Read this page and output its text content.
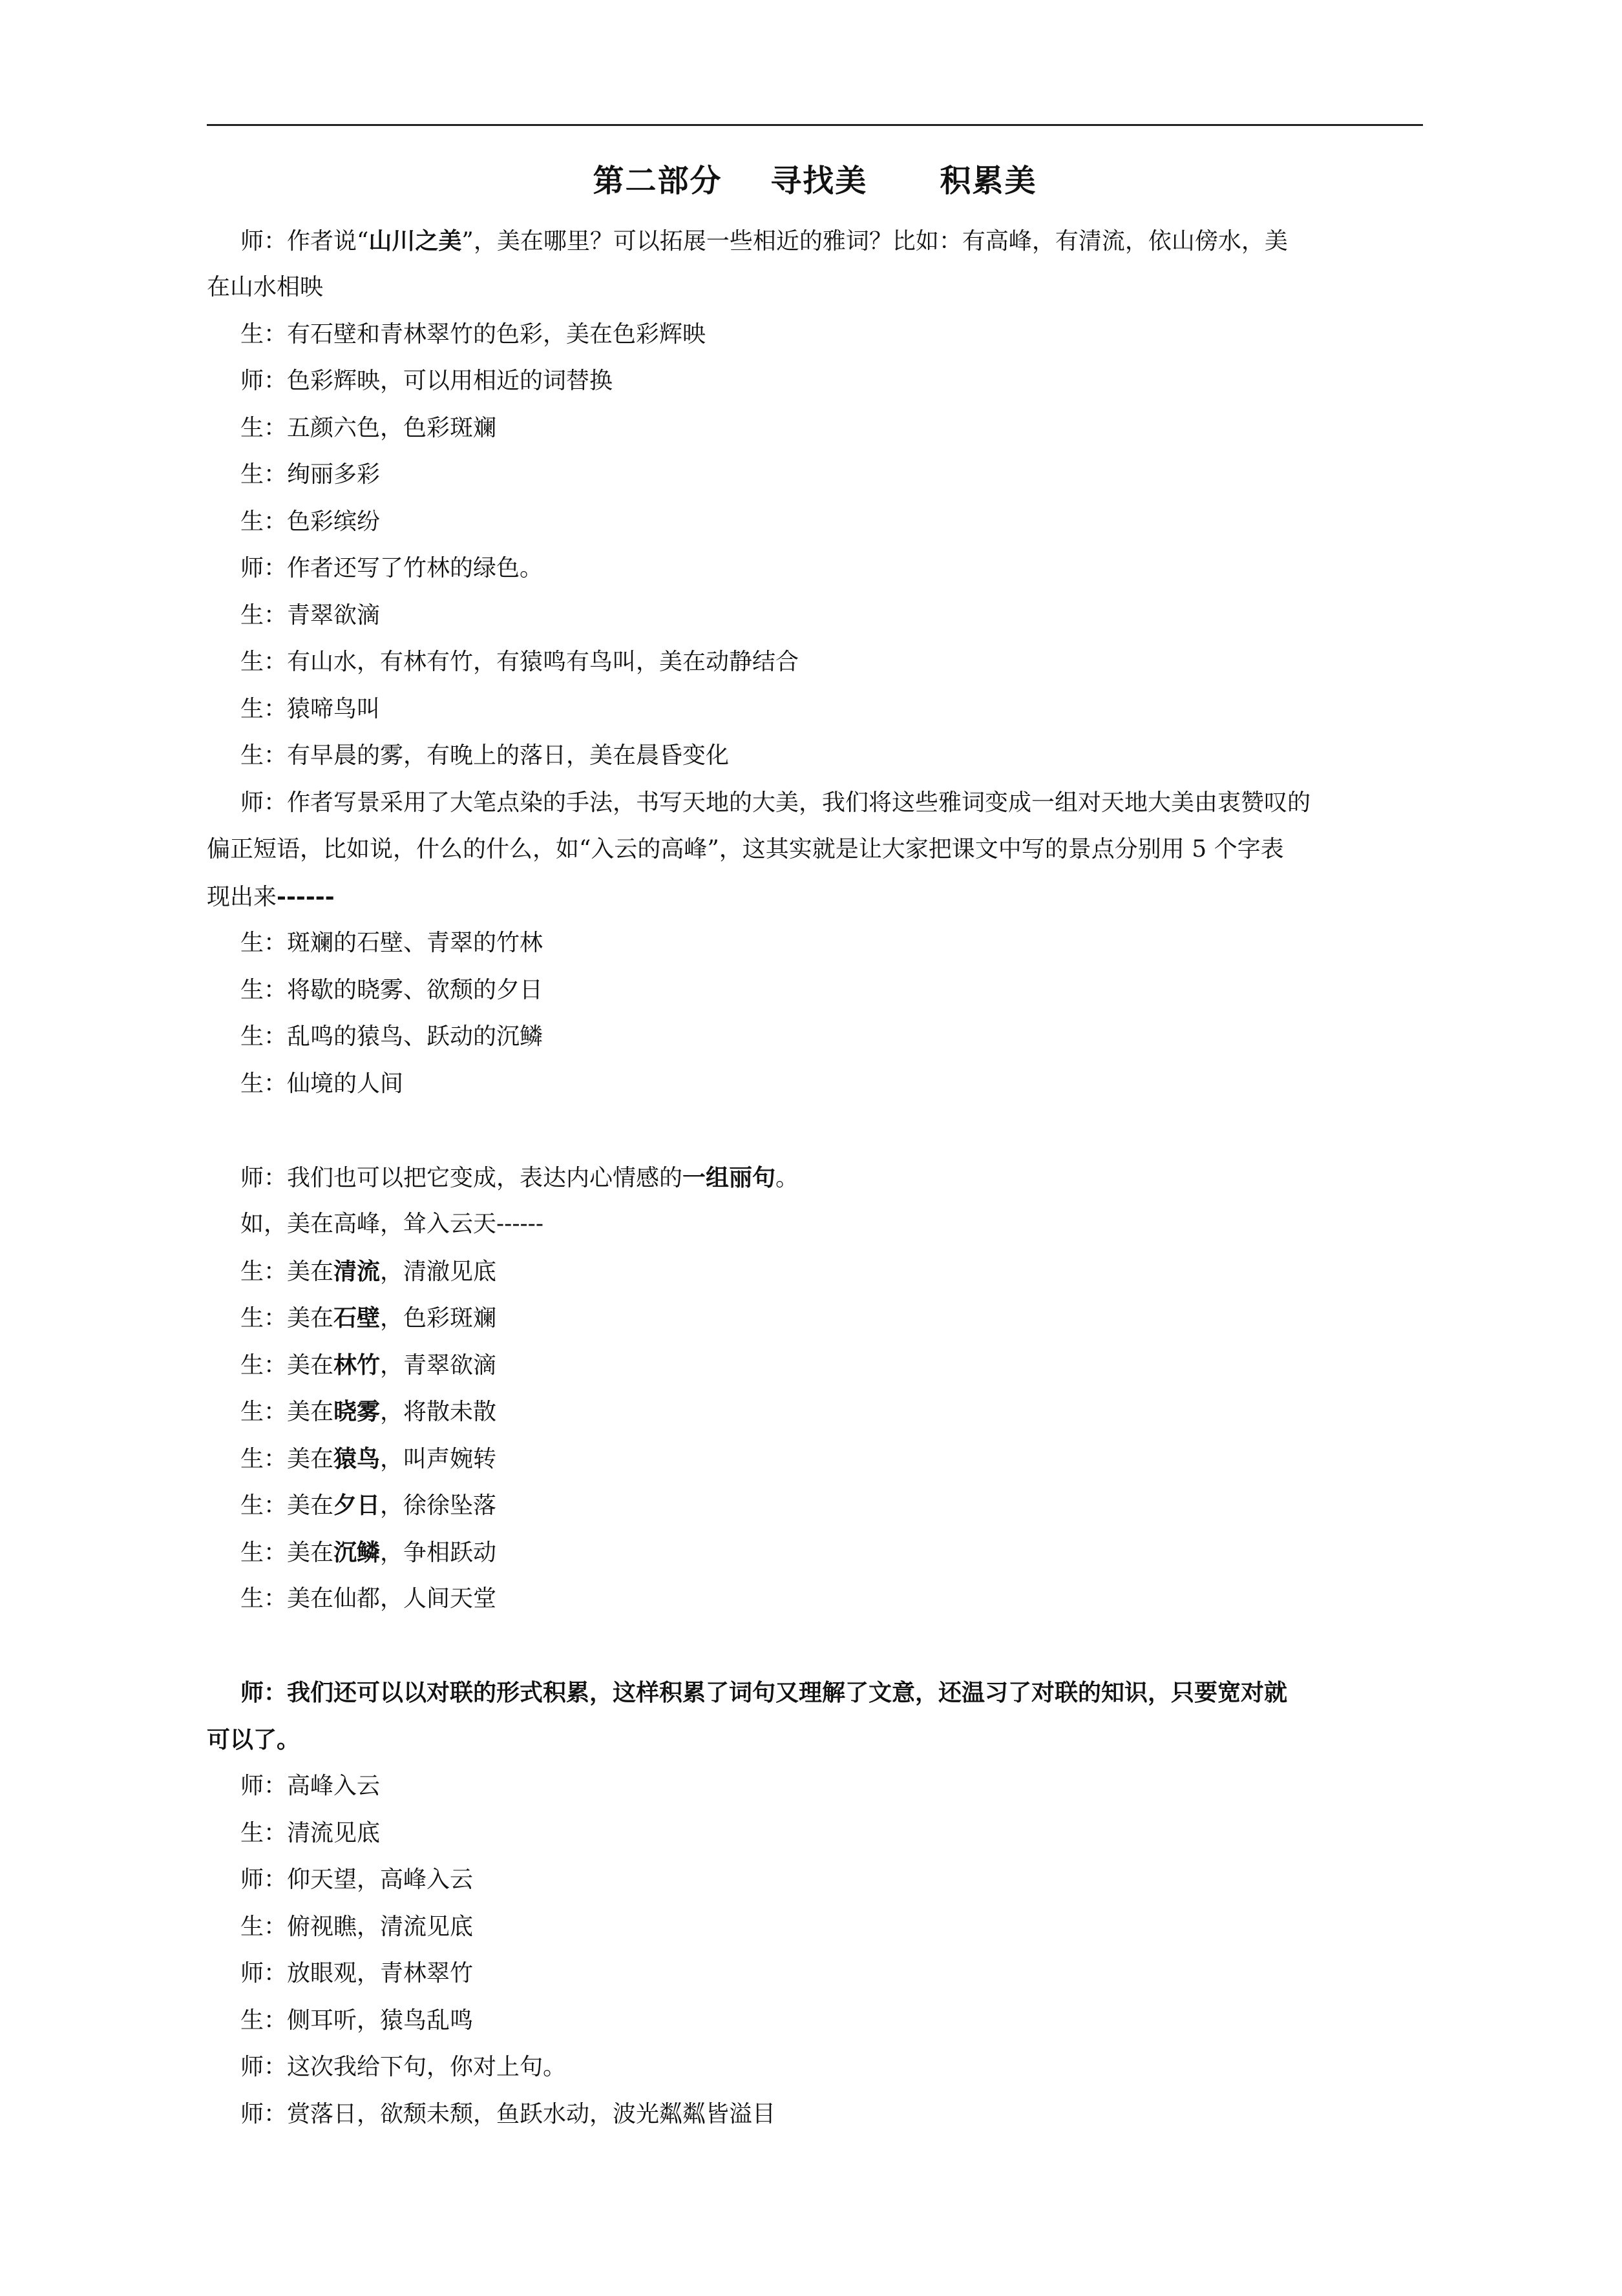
第二部分    寻找美      积累美
师：作者说“山川之美”，美在哪里？可以拓展一些相近的雅词？比如：有高峰，有清流，依山傍水，美
在山水相映
生：有石壁和青林翠竹的色彩，美在色彩辉映
师：色彩辉映，可以用相近的词替换
生：五颜六色，色彩斑斓
生：绚丽多彩
生：色彩缤纷
师：作者还写了竹林的绿色。
生：青翠欲滴
生：有山水，有林有竹，有猿鸣有鸟叫，美在动静结合
生：猿啼鸟叫
生：有早晨的雾，有晚上的落日，美在晨昏变化
师：作者写景采用了大笔点染的手法，书写天地的大美，我们将这些雅词变成一组对天地大美由衷赞叹的
偏正短语，比如说，什么的什么，如“入云的高峰”，这其实就是让大家把课文中写的景点分别用 5 个字表
现出来------
生：斑斓的石壁、青翠的竹林
生：将歇的晓雾、欲颓的夕日
生：乱鸣的猿鸟、跃动的沉鳞
生：仙境的人间
师：我们也可以把它变成，表达内心情感的一组丽句。
如，美在高峰，耸入云天------
生：美在清流，清澈见底
生：美在石壁，色彩斑斓
生：美在林竹，青翠欲滴
生：美在晓雾，将散未散
生：美在猿鸟，叫声婉转
生：美在夕日，徐徐坠落
生：美在沉鳞，争相跃动
生：美在仙都，人间天堂
师：我们还可以以对联的形式积累，这样积累了词句又理解了文意，还温习了对联的知识，只要宽对就
可以了。
师：高峰入云
生：清流见底
师：仰天望，高峰入云
生：俯视瞧，清流见底
师：放眼观，青林翠竹
生：侧耳听，猿鸟乱鸣
师：这次我给下句，你对上句。
师：赏落日，欲颓未颓，鱼跃水动，波光粼粼皆溢目
